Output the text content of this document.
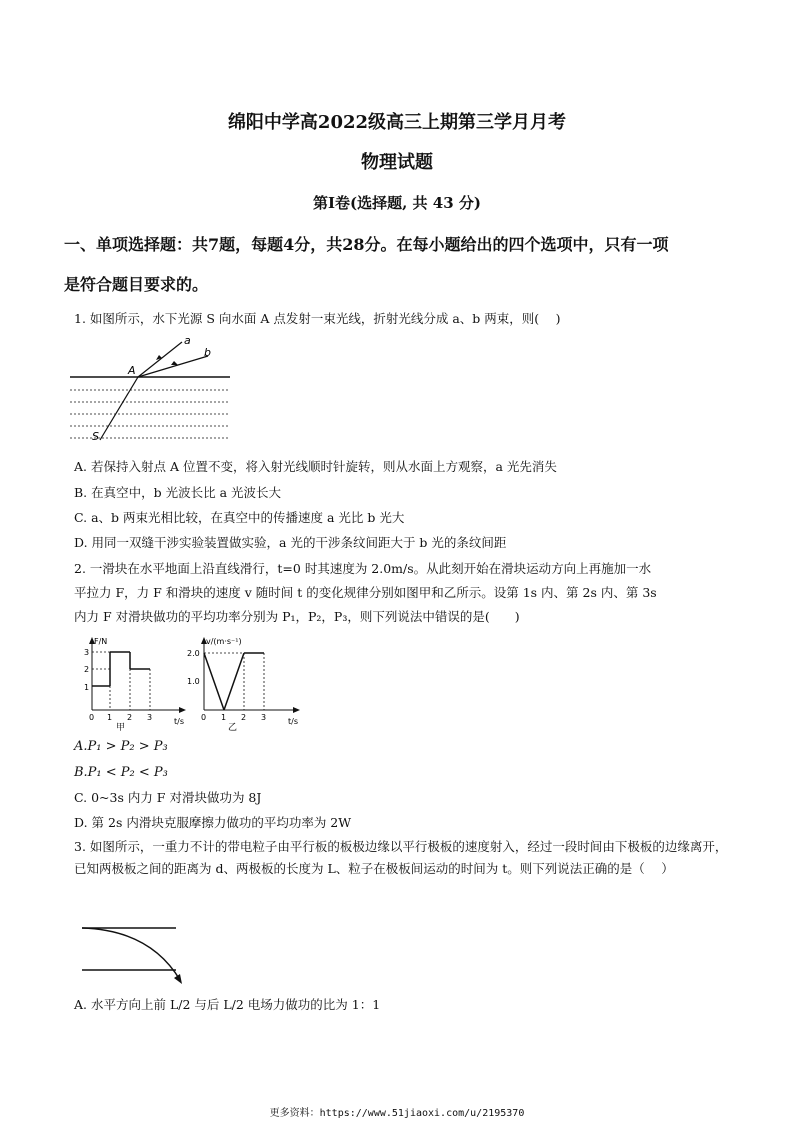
绵阳中学高2022级高三上期第三学月月考
物理试题
第Ⅰ卷(选择题, 共 43 分)
一、单项选择题：共7题，每题4分，共28分。在每小题给出的四个选项中，只有一项
是符合题目要求的。
1. 如图所示，水下光源 S 向水面 A 点发射一束光线，折射光线分成 a、b 两束，则(　 )
a
b
A
S
A. 若保持入射点 A 位置不变，将入射光线顺时针旋转，则从水面上方观察，a 光先消失
B. 在真空中，b 光波长比 a 光波长大
C. a、b 两束光相比较，在真空中的传播速度 a 光比 b 光大
D. 用同一双缝干涉实验装置做实验，a 光的干涉条纹间距大于 b 光的条纹间距
2. 一滑块在水平地面上沿直线滑行，t=0 时其速度为 2.0m/s。从此刻开始在滑块运动方向上再施加一水
平拉力 F，力 F 和滑块的速度 v 随时间 t 的变化规律分别如图甲和乙所示。设第 1s 内、第 2s 内、第 3s
内力 F 对滑块做功的平均功率分别为 P₁，P₂，P₃，则下列说法中错误的是(　　)
F/N
t/s
1
2
3
0 1 2 3
甲
v/(m·s⁻¹)
t/s
1.0
2.0
0 1 2 3
乙
A.P₁ > P₂ > P₃
B.P₁ < P₂ < P₃
C. 0~3s 内力 F 对滑块做功为 8J
D. 第 2s 内滑块克服摩擦力做功的平均功率为 2W
3. 如图所示，一重力不计的带电粒子由平行板的板极边缘以平行极板的速度射入，经过一段时间由下极板的边缘离开，已知两极板之间的距离为 d、两极板的长度为 L、粒子在极板间运动的时间为 t。则下列说法正确的是（　 ）
A. 水平方向上前 L/2 与后 L/2 电场力做功的比为 1：1
更多资料：https://www.51jiaoxi.com/u/2195370
